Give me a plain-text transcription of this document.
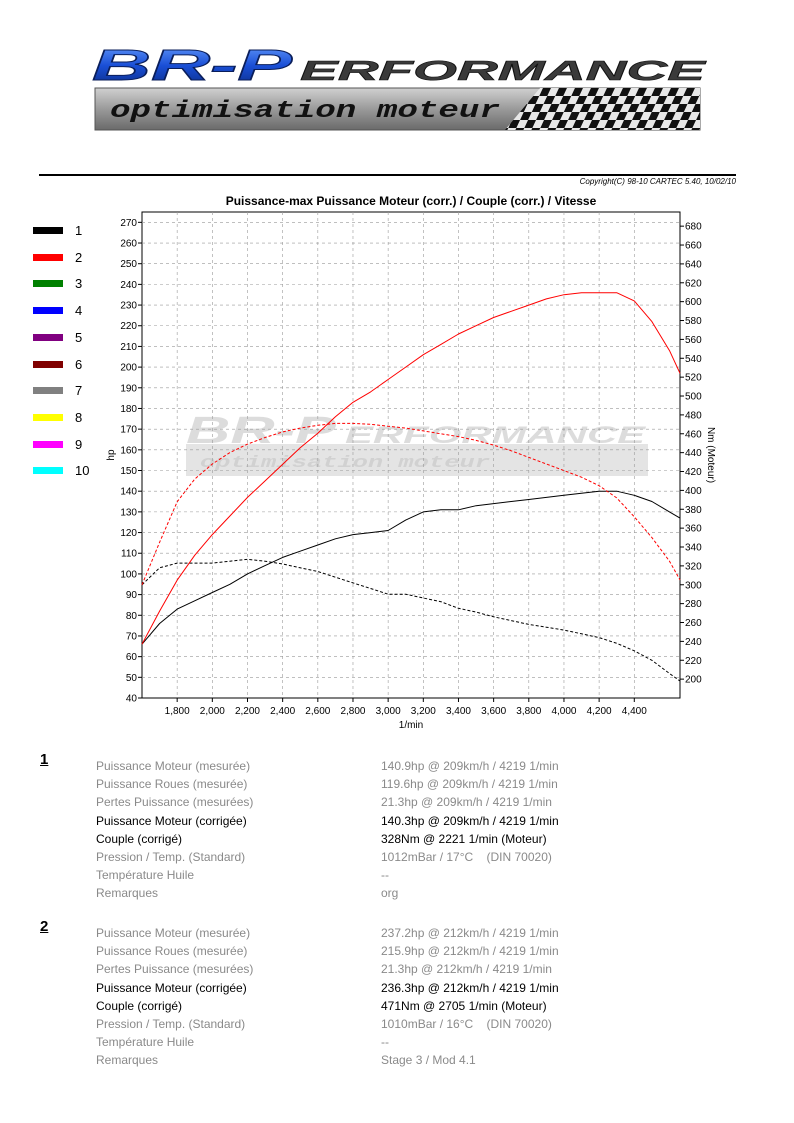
BR-P ERFORMANCE
optimisation moteur
Copyright(C) 98-10 CARTEC 5.40, 10/02/10
1
2
3
4
5
6
7
8
9
10
BR-P ERFORMANCE
optimisation moteur
Puissance-max Puissance Moteur (corr.) / Couple (corr.) / Vitesse
1,800 2,000 2,200 2,400 2,600 2,800 3,000 3,200 3,400 3,600 3,800 4,000 4,200 4,400
40
50
60
70
80
90
100
110
120
130
140
150
160
170
180
190
200
210
220
230
240
250
260
270
200
220
240
260
280
300
320
340
360
380
400
420
440
460
480
500
520
540
560
580
600
620
640
660
680
1/min
hp	Nm (Moteur)
1	Puissance Moteur (mesurée)	140.9hp @ 209km/h / 4219 1/min
Puissance Roues (mesurée)	119.6hp @ 209km/h / 4219 1/min
Pertes Puissance (mesurées)	21.3hp @ 209km/h / 4219 1/min
Puissance Moteur (corrigée)	140.3hp @ 209km/h / 4219 1/min
Couple (corrigé)	328Nm @ 2221 1/min (Moteur)
Pression / Temp. (Standard)	1012mBar / 17°C    (DIN 70020)
Température Huile	--
Remarques	org
2	Puissance Moteur (mesurée)	237.2hp @ 212km/h / 4219 1/min
Puissance Roues (mesurée)	215.9hp @ 212km/h / 4219 1/min
Pertes Puissance (mesurées)	21.3hp @ 212km/h / 4219 1/min
Puissance Moteur (corrigée)	236.3hp @ 212km/h / 4219 1/min
Couple (corrigé)	471Nm @ 2705 1/min (Moteur)
Pression / Temp. (Standard)	1010mBar / 16°C    (DIN 70020)
Température Huile	--
Remarques	Stage 3 / Mod 4.1
